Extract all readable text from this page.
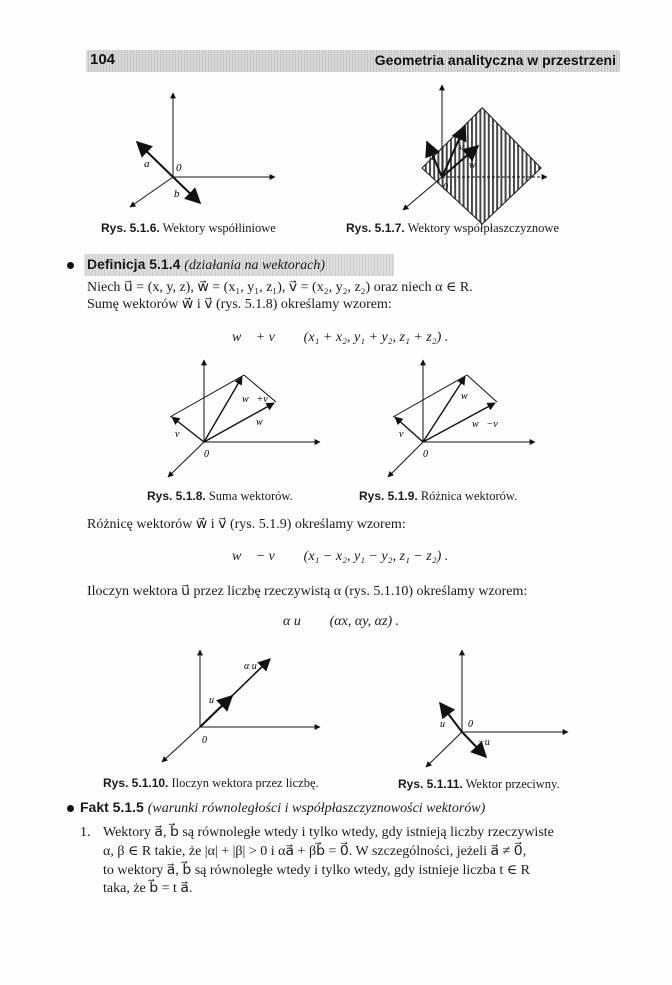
104	Geometria analityczna w przestrzeni
a⃗ 0⃗
b⃗
Rys. 5.1.6. Wektory współliniowe
u⃗
v⃗
w⃗
0⃗
Rys. 5.1.7. Wektory współpłaszczyznowe
Definicja 5.1.4 (działania na wektorach)
Niech u⃗ = (x, y, z), w⃗ = (x₁, y₁, z₁), v⃗ = (x₂, y₂, z₂) oraz niech α ∈ R.
Sumę wektorów w⃗ i v⃗ (rys. 5.1.8) określamy wzorem:
w⃗ + v⃗ ≝ (x₁ + x₂, y₁ + y₂, z₁ + z₂) .
w⃗+v⃗
w⃗
v⃗
0⃗
Rys. 5.1.8. Suma wektorów.
w⃗
w⃗−v⃗
v⃗
0⃗
Rys. 5.1.9. Różnica wektorów.
Różnicę wektorów w⃗ i v⃗ (rys. 5.1.9) określamy wzorem:
w⃗ − v⃗ ≝ (x₁ − x₂, y₁ − y₂, z₁ − z₂) .
Iloczyn wektora u⃗ przez liczbę rzeczywistą α (rys. 5.1.10) określamy wzorem:
α u⃗ ≝ (αx, αy, αz) .
α u⃗
u⃗
0⃗
Rys. 5.1.10. Iloczyn wektora przez liczbę.
u⃗ 0⃗
−u⃗
Rys. 5.1.11. Wektor przeciwny.
Fakt 5.1.5 (warunki równoległości i współpłaszczyznowości wektorów)
1. Wektory a⃗, b⃗ są równoległe wtedy i tylko wtedy, gdy istnieją liczby rzeczywiste
α, β ∈ R takie, że |α| + |β| > 0 i αa⃗ + βb⃗ = 0⃗. W szczególności, jeżeli a⃗ ≠ 0⃗,
to wektory a⃗, b⃗ są równoległe wtedy i tylko wtedy, gdy istnieje liczba t ∈ R
taka, że b⃗ = t a⃗.
